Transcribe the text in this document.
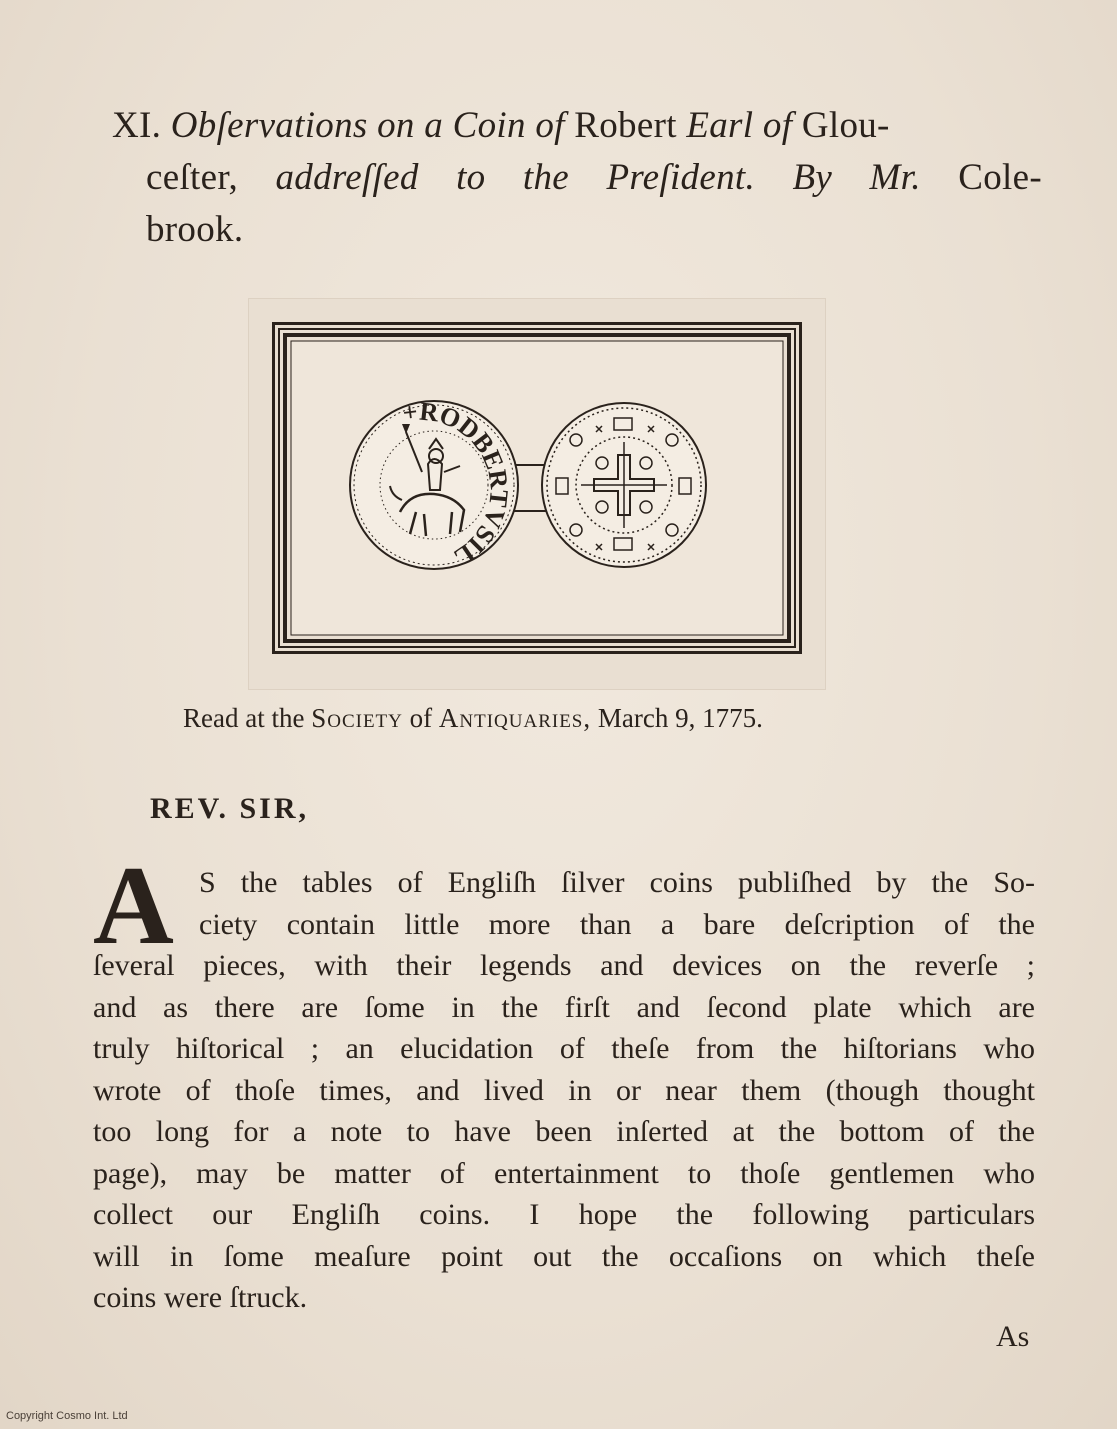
XI. Obſervations on a Coin of Robert Earl of Glou-
ceſter, addreſſed to the Preſident. By Mr. Cole-
brook.
+RODBERTVSIL
Read at the Society of Antiquaries, March 9, 1775.
REV. SIR,
A S the tables of Engliſh ſilver coins publiſhed by the So-
ciety contain little more than a bare deſcription of the
ſeveral pieces, with their legends and devices on the reverſe ;
and as there are ſome in the firſt and ſecond plate which are
truly hiſtorical ; an elucidation of theſe from the hiſtorians who
wrote of thoſe times, and lived in or near them (though thought
too long for a note to have been inſerted at the bottom of the
page), may be matter of entertainment to thoſe gentlemen who
collect our Engliſh coins. I hope the following particulars
will in ſome meaſure point out the occaſions on which theſe
coins were ſtruck.
As
Copyright Cosmo Int. Ltd
